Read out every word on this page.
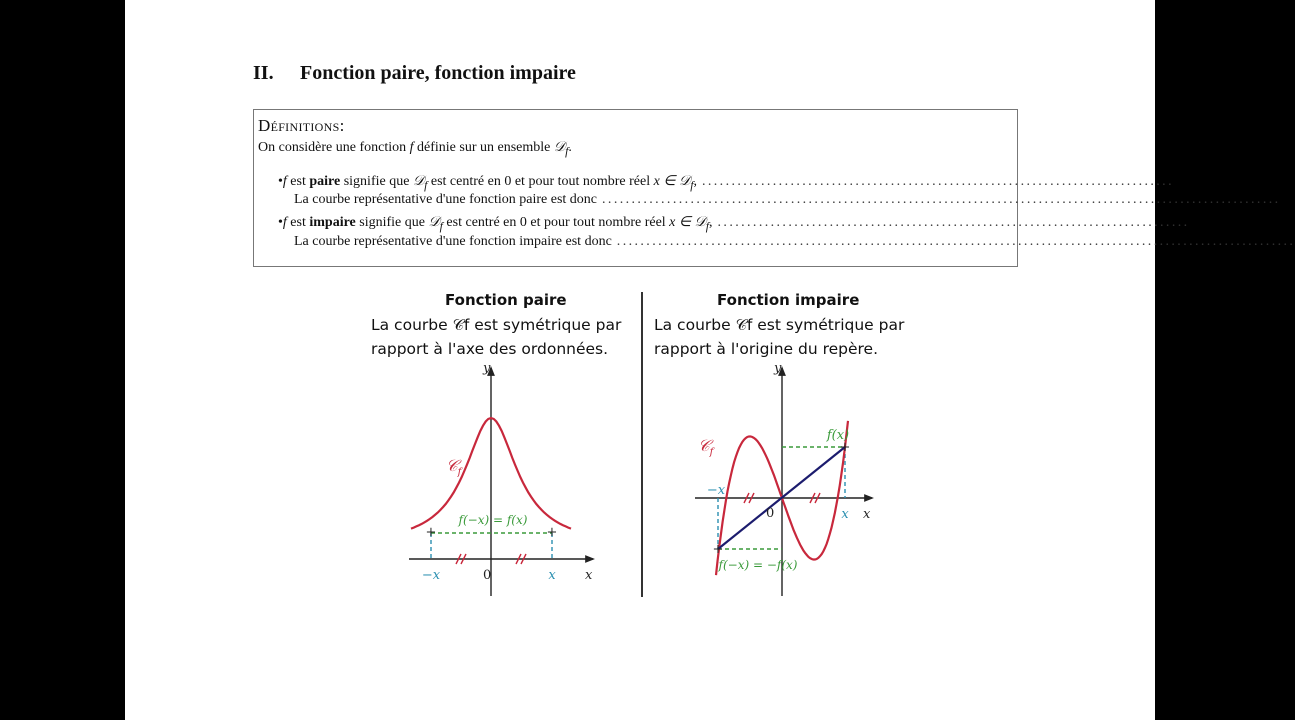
II. Fonction paire, fonction impaire
Définitions:
On considère une fonction f définie sur un ensemble 𝒟$_f$.
• f est paire signifie que 𝒟$_f$ est centré en 0 et pour tout nombre réel x ∈ 𝒟$_f$, ................................................................................
La courbe représentative d'une fonction paire est donc ...................................................................................................................
• f est impaire signifie que 𝒟$_f$ est centré en 0 et pour tout nombre réel x ∈ 𝒟$_f$, ................................................................................
La courbe représentative d'une fonction impaire est donc ...................................................................................................................
Fonction paire
La courbe 𝒞f est symétrique par
rapport à l'axe des ordonnées.
+	+
y
x
0
−x	x
𝒞$_f$
f(−x) = f(x)
Fonction impaire
La courbe 𝒞f est symétrique par
rapport à l'origine du repère.
+
+
y
x
0
−x
x
f(x)
𝒞$_f$
f(−x) = −f(x)
